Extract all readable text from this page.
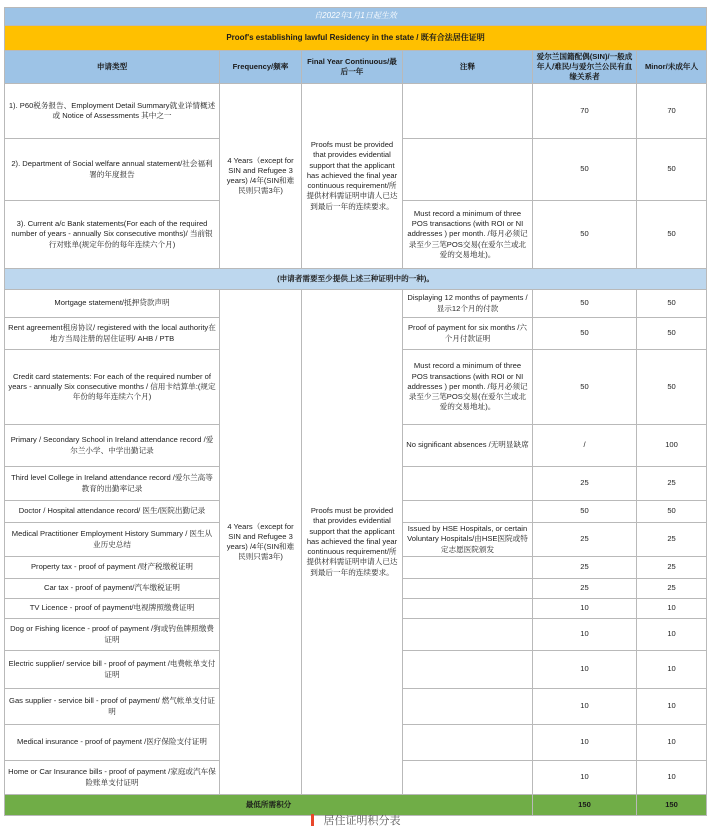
自2022年1月1日起生效					
Proof's establishing lawful Residency in the state / 既有合法居住证明					
申请类型	Frequency/频率	Final Year Continuous/最后一年	注释	爱尔兰国籍配偶(SIN)/一般成年人/难民/与爱尔兰公民有血缘关系者	Minor/未成年人
1). P60税务报告、Employment Detail Summary就业详情概述 或 Notice of Assessments 其中之一	4 Years（except for SIN and Refugee 3 years) /4年(SIN和难民则只需3年)	Proofs must be provided that provides evidential support that the applicant has achieved the final year continuous requirement/所提供材料需证明申请人已达到最后一年的连续要求。		70	70
2). Department of Social welfare annual statement/社会福利署的年度报告				50	50
3). Current a/c Bank statements(For each of the required number of years - annually Six consecutive months)/ 当前银行对账单(规定年份的每年连续六个月)			Must record a minimum of three POS transactions (with ROI or NI addresses ) per month. /每月必须记录至少三笔POS交易(在爱尔兰或北爱的交易地址)。	50	50
(申请者需要至少提供上述三种证明中的一种)。					
Mortgage statement/抵押贷款声明	4 Years（except for SIN and Refugee 3 years) /4年(SIN和难民则只需3年)	Proofs must be provided that provides evidential support that the applicant has achieved the final year continuous requirement/所提供材料需证明申请人已达到最后一年的连续要求。	Displaying 12 months of payments /显示12个月的付款	50	50
Rent agreement租房协议/ registered with the local authority在地方当局注册的居住证明/ AHB / PTB			Proof of payment for six months /六个月付款证明	50	50
Credit card statements: For each of the required number of years - annually Six consecutive months / 信用卡结算单:(规定年份的每年连续六个月)			Must record a minimum of three POS transactions (with ROI or NI addresses ) per month. /每月必须记录至少三笔POS交易(在爱尔兰或北爱的交易地址)。	50	50
Primary / Secondary School in Ireland attendance record /爱尔兰小学、中学出勤记录			No significant absences /无明显缺席	/	100
Third level College in Ireland attendance record /爱尔兰高等教育的出勤率记录				25	25
Doctor / Hospital attendance record/ 医生/医院出勤记录				50	50
Medical Practitioner Employment History Summary / 医生从业历史总结			Issued by HSE Hospitals, or certain Voluntary Hospitals/由HSE医院或特定志愿医院颁发	25	25
Property tax - proof of payment /财产税缴税证明				25	25
Car tax - proof of payment/汽车缴税证明				25	25
TV Licence - proof of payment/电视牌照缴费证明				10	10
Dog or Fishing licence - proof of payment /狗或钓鱼牌照缴费证明				10	10
Electric supplier/ service bill - proof of payment /电费帐单支付证明				10	10
Gas supplier - service bill - proof of payment/ 燃气帐单支付证明				10	10
Medical insurance - proof of payment /医疗保险支付证明				10	10
Home or Car Insurance bills - proof of payment /家庭或汽车保险账单支付证明				10	10
最低所需积分				150	150
居住证明积分表
